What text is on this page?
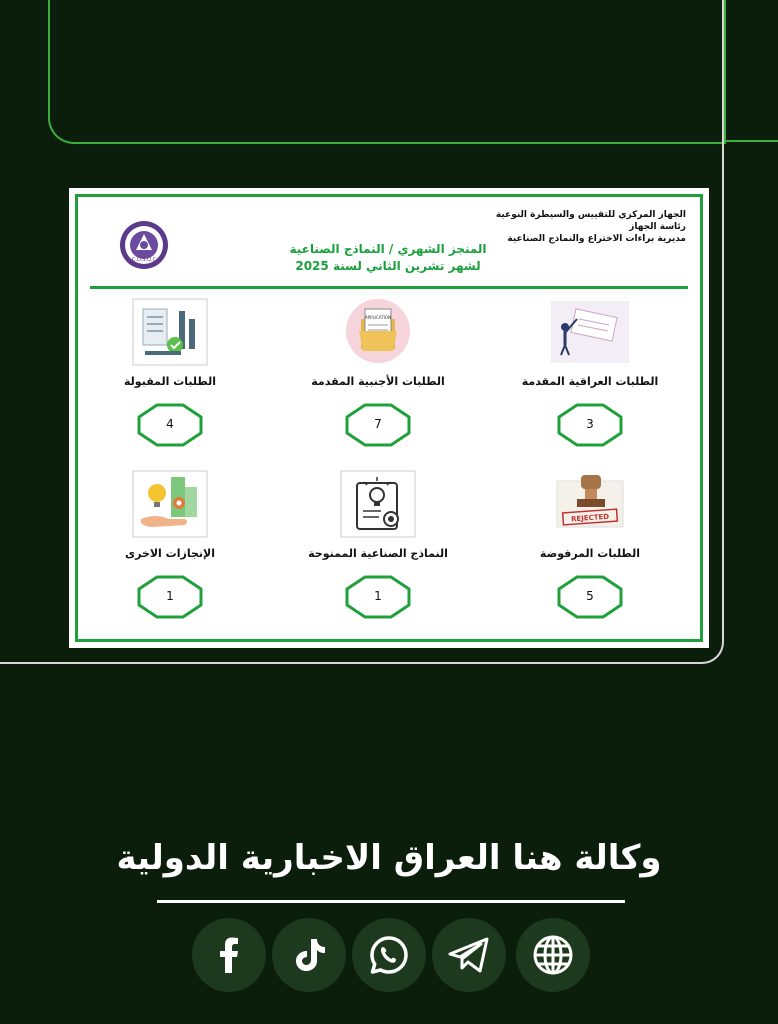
الجهاز المركزي للتقييس والسيطرة النوعية
رئاسة الجهاز
مديرية براءات الاختراع والنماذج الصناعية
المنجز الشهري / النماذج الصناعية
لشهر تشرين الثاني لسنة 2025
C.O.S.Q.C
الطلبات العراقية المقدمة
3
APPLICATION
الطلبات الأجنبية المقدمة
7
الطلبات المقبولة
4
REJECTED
الطلبات المرفوضة
5
النماذج الصناعية الممنوحة
1
الإنجازات الاخرى
1
وكالة هنا العراق الاخبارية الدولية
